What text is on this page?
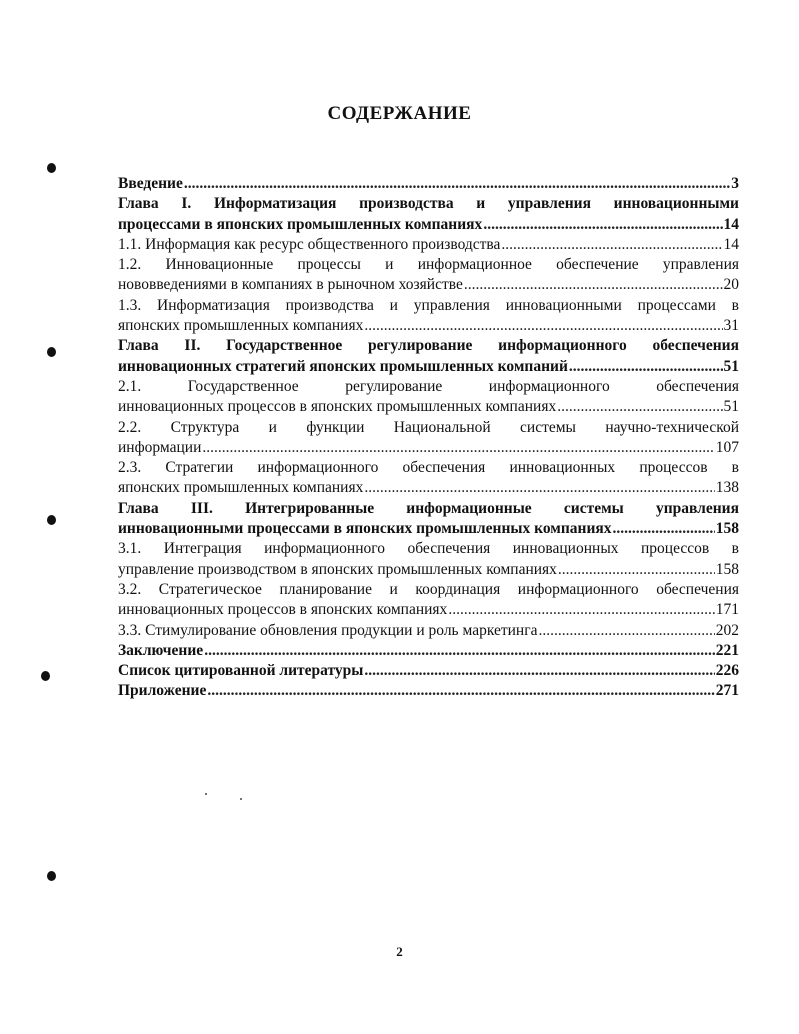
СОДЕРЖАНИЕ
Введение .....	3
Глава I. Информатизация производства и управления инновационными
процессами в японских промышленных компаниях .....	14
1.1. Информация как ресурс общественного производства .....	14
1.2. Инновационные процессы и информационное обеспечение управления
нововведениями в компаниях в рыночном хозяйстве .....	20
1.3. Информатизация производства и управления инновационными процессами в
японских промышленных компаниях .....	31
Глава II. Государственное регулирование информационного обеспечения
инновационных стратегий японских промышленных компаний .....	51
2.1. Государственное регулирование информационного обеспечения
инновационных процессов в японских промышленных компаниях .....	51
2.2. Структура и функции Национальной системы научно-технической
информации .....	107
2.3. Стратегии информационного обеспечения инновационных процессов в
японских промышленных компаниях .....	138
Глава III. Интегрированные информационные системы управления
инновационными процессами в японских промышленных компаниях .....	158
3.1. Интеграция информационного обеспечения инновационных процессов в
управление производством в японских промышленных компаниях .....	158
3.2. Стратегическое планирование и координация информационного обеспечения
инновационных процессов в японских компаниях .....	171
3.3. Стимулирование обновления продукции и роль маркетинга .....	202
Заключение .....	221
Список цитированной литературы .....	226
Приложение .....	271
2
